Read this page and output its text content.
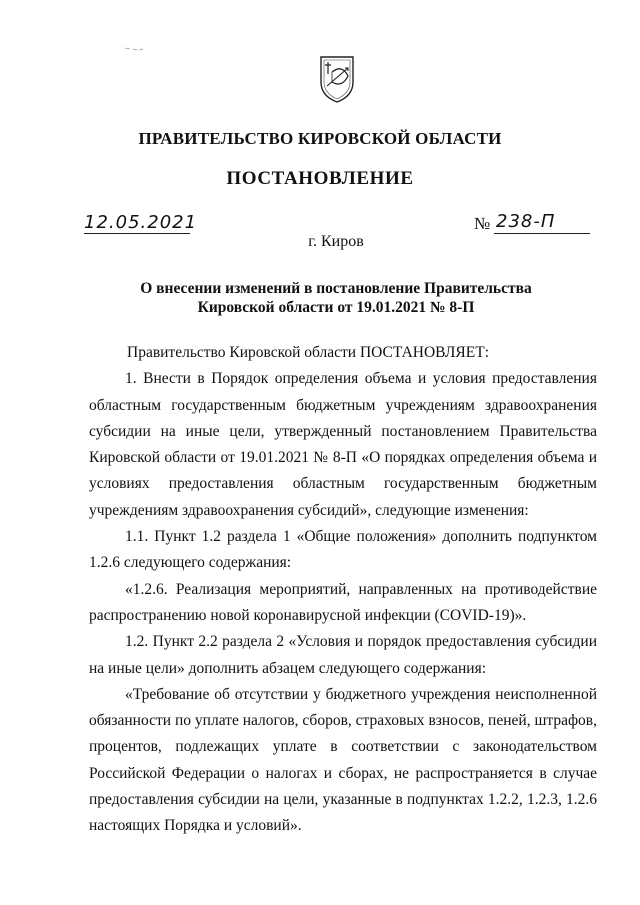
ПРАВИТЕЛЬСТВО КИРОВСКОЙ ОБЛАСТИ
ПОСТАНОВЛЕНИЕ
12.05.2021	№ 238-П
г. Киров
О внесении изменений в постановление Правительства
Кировской области от 19.01.2021 № 8-П

Правительство Кировской области ПОСТАНОВЛЯЕТ:

1. Внести в Порядок определения объема и условия предоставления областным государственным бюджетным учреждениям здравоохранения субсидии на иные цели, утвержденный постановлением Правительства Кировской области от 19.01.2021 № 8-П «О порядках определения объема и условиях предоставления областным государственным бюджетным учреждениям здравоохранения субсидий», следующие изменения:

1.1. Пункт 1.2 раздела 1 «Общие положения» дополнить подпунктом 1.2.6 следующего содержания:

«1.2.6. Реализация мероприятий, направленных на противодействие распространению новой коронавирусной инфекции (COVID-19)».

1.2. Пункт 2.2 раздела 2 «Условия и порядок предоставления субсидии на иные цели» дополнить абзацем следующего содержания:

«Требование об отсутствии у бюджетного учреждения неисполненной обязанности по уплате налогов, сборов, страховых взносов, пеней, штрафов, процентов, подлежащих уплате в соответствии с законодательством Российской Федерации о налогах и сборах, не распространяется в случае предоставления субсидии на цели, указанные в подпунктах 1.2.2, 1.2.3, 1.2.6 настоящих Порядка и условий».
